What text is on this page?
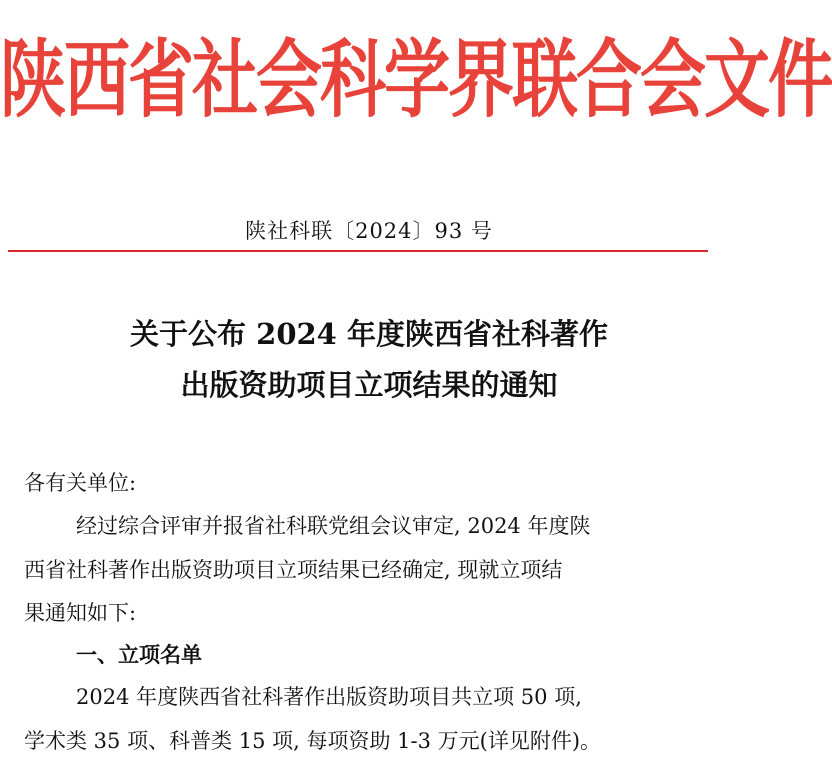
陕西省社会科学界联合会文件
陕社科联〔2024〕93 号
关于公布 2024 年度陕西省社科著作
出版资助项目立项结果的通知
各有关单位:
经过综合评审并报省社科联党组会议审定, 2024 年度陕
西省社科著作出版资助项目立项结果已经确定, 现就立项结
果通知如下:
一、立项名单
2024 年度陕西省社科著作出版资助项目共立项 50 项,
学术类 35 项、科普类 15 项, 每项资助 1-3 万元(详见附件)。
